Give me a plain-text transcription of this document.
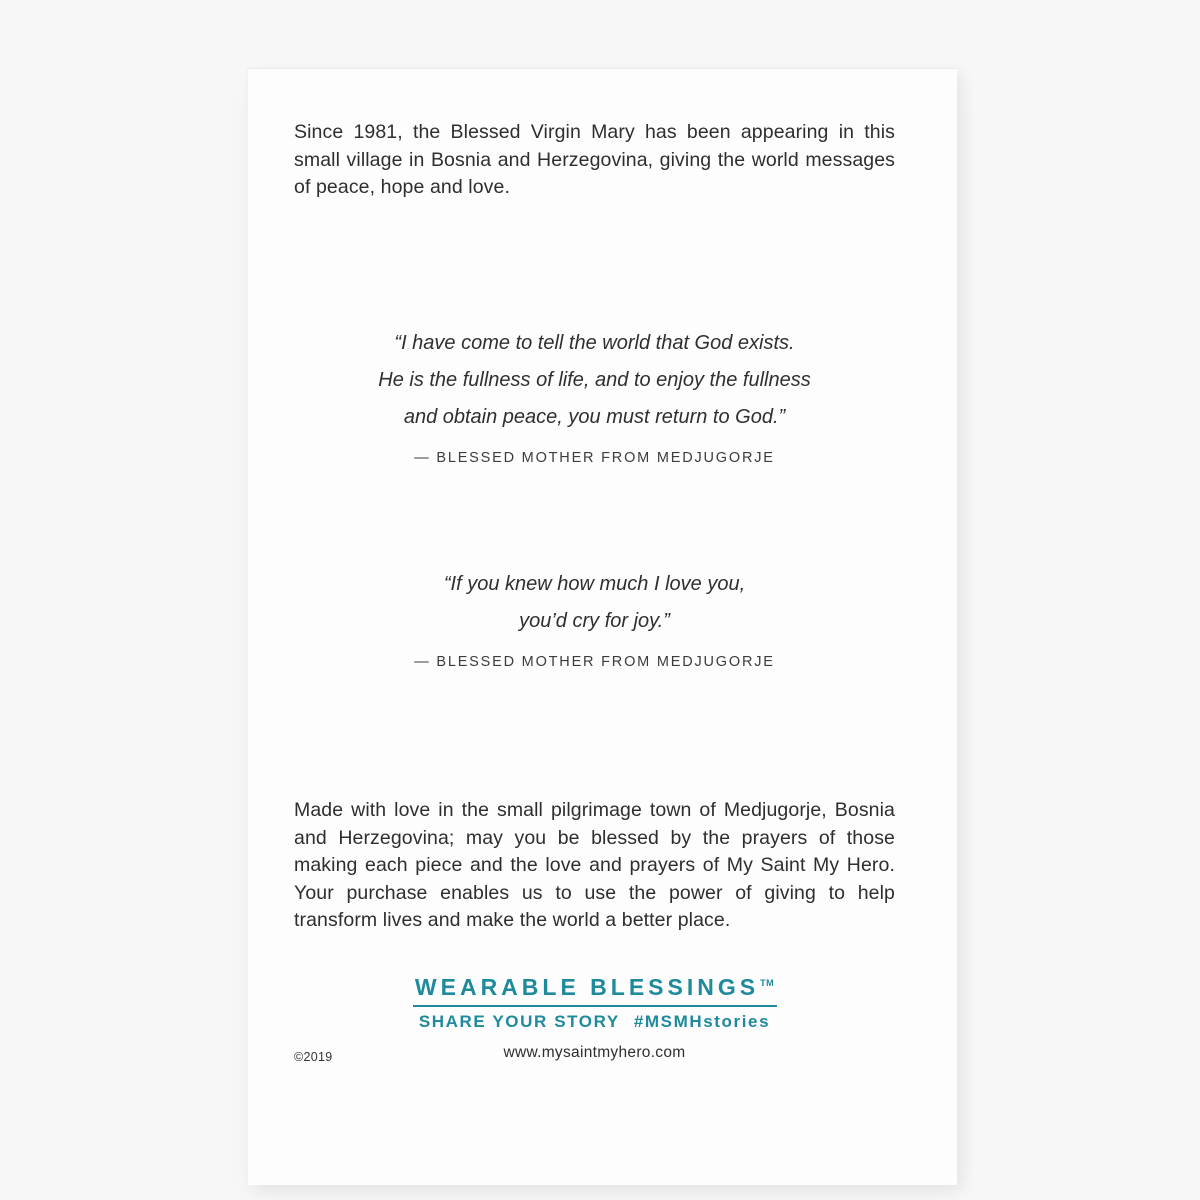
Since 1981, the Blessed Virgin Mary has been appearing in this small village in Bosnia and Herzegovina, giving the world messages of peace, hope and love.

“I have come to tell the world that God exists.
He is the fullness of life, and to enjoy the fullness
and obtain peace, you must return to God.”
— BLESSED MOTHER FROM MEDJUGORJE
“If you knew how much I love you,
you’d cry for joy.”
— BLESSED MOTHER FROM MEDJUGORJE

Made with love in the small pilgrimage town of Medjugorje, Bosnia and Herzegovina; may you be blessed by the prayers of those making each piece and the love and prayers of My Saint My Hero. Your purchase enables us to use the power of giving to help transform lives and make the world a better place.

WEARABLE BLESSINGS™
SHARE YOUR STORY #MSMHstories
©2019	www.mysaintmyhero.com
